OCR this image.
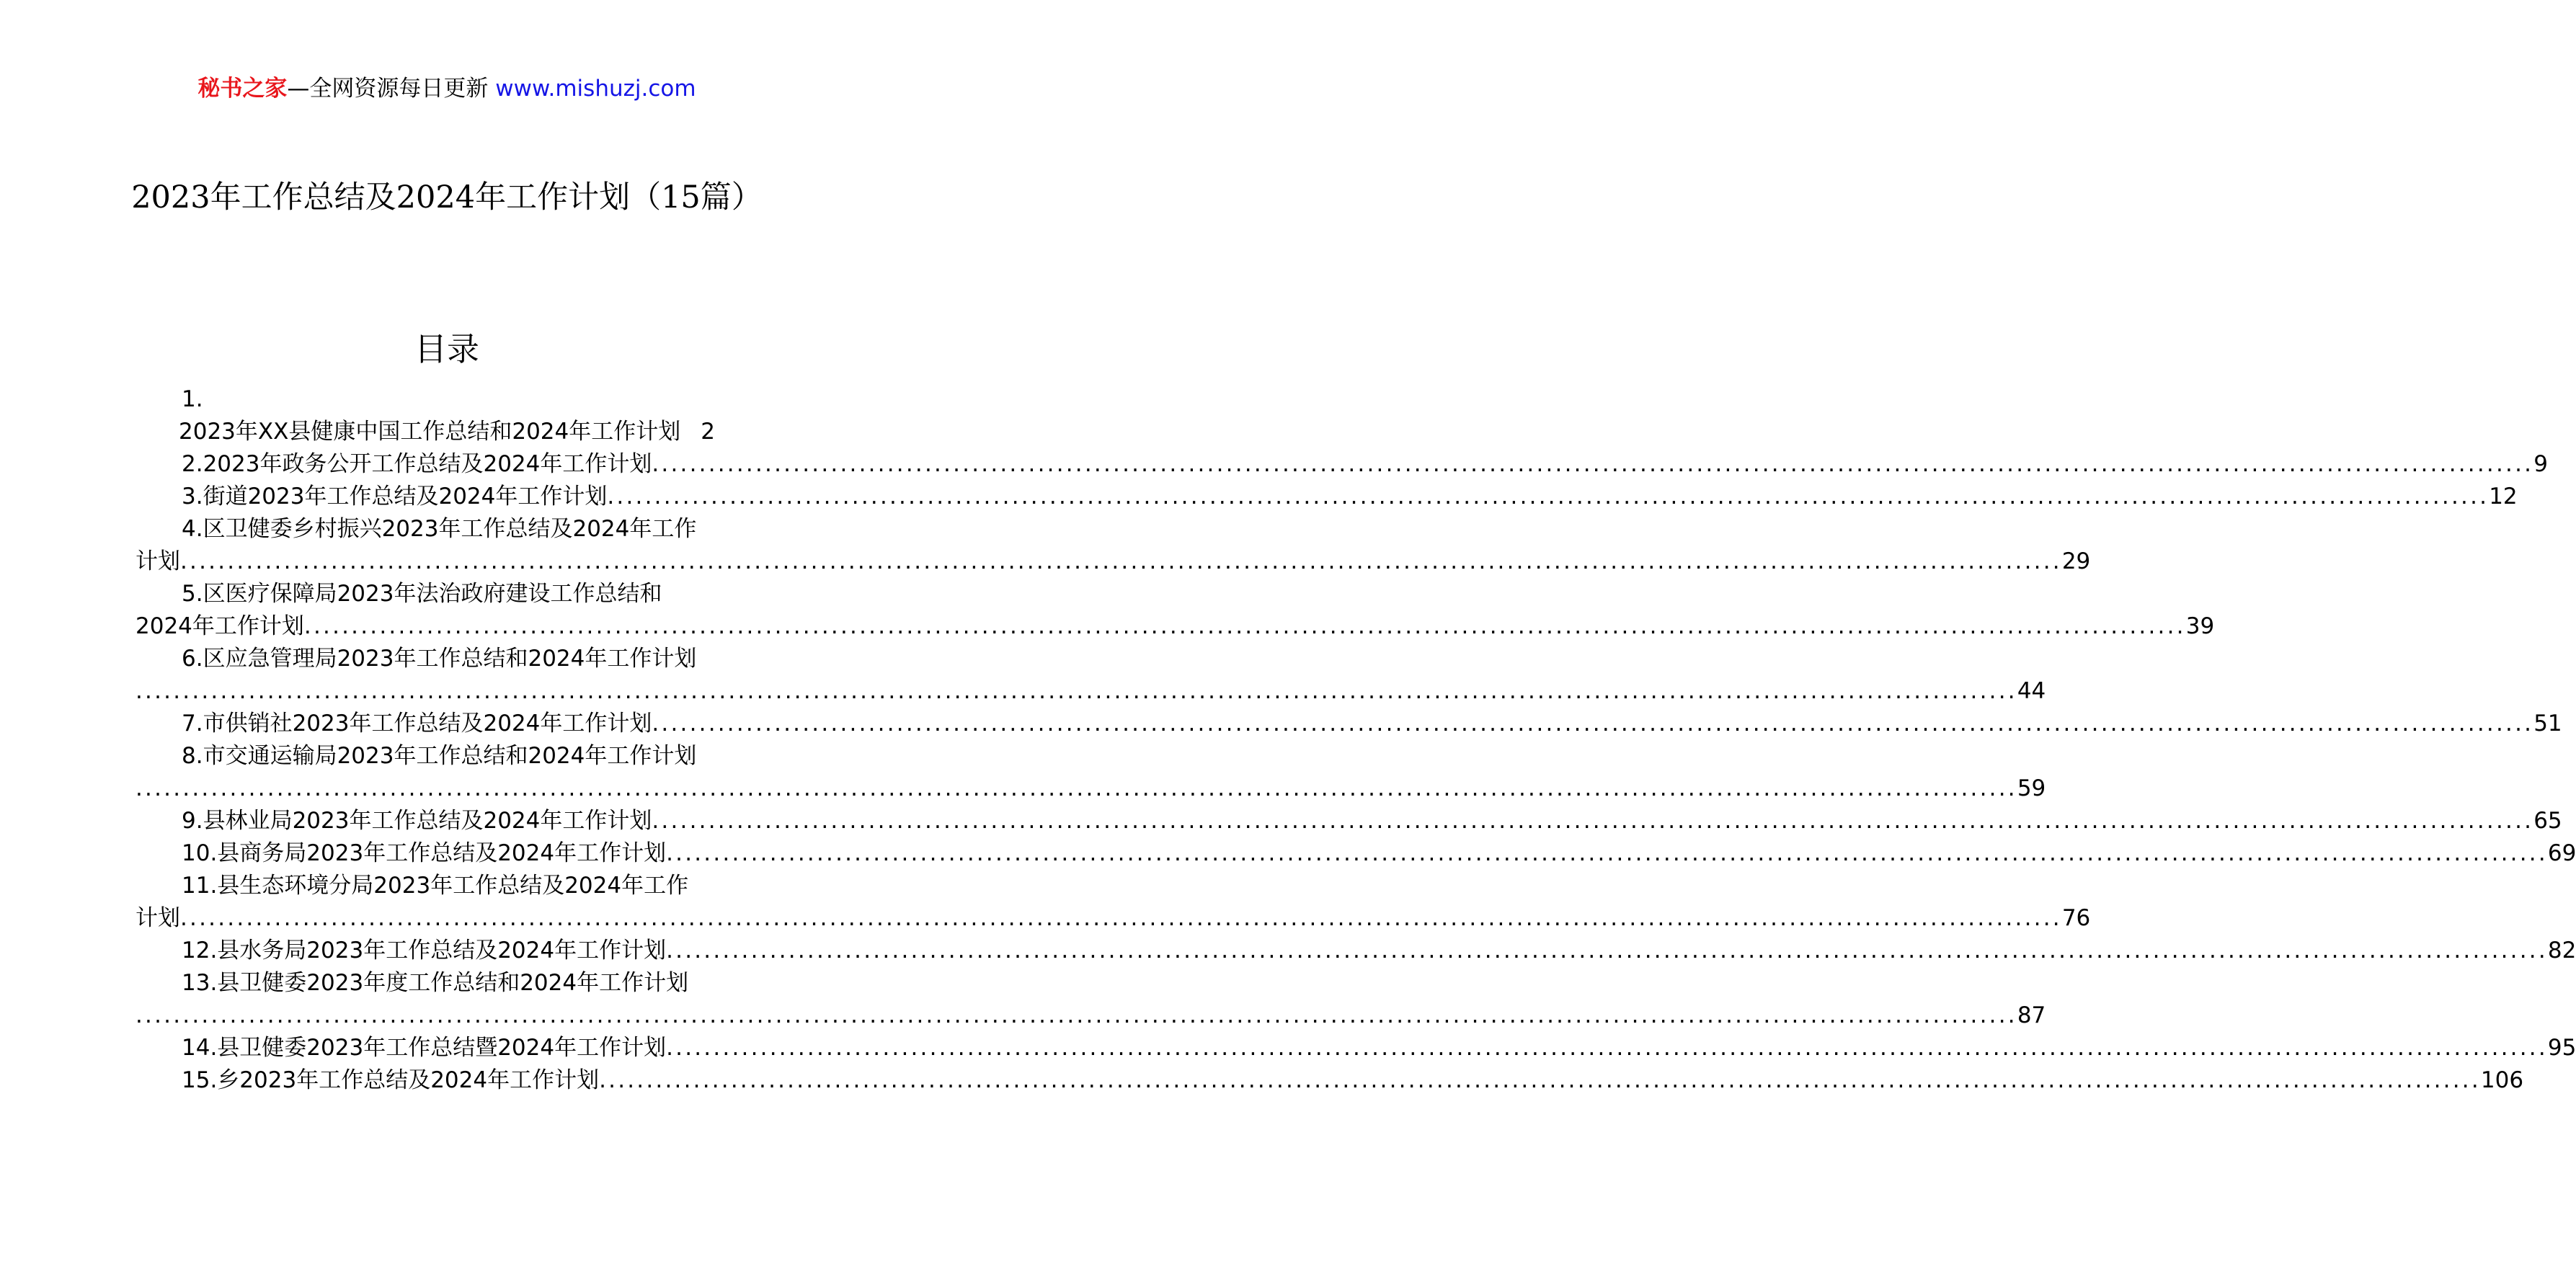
秘书之家—全网资源每日更新 www.mishuzj.com
2023年工作总结及2024年工作计划（15篇）
目录
1.
2023年XX县健康中国工作总结和2024年工作计划 2
2.2023年政务公开工作总结及2024年工作计划 ........................................................................................................................................................................................................ 9
3.街道2023年工作总结及2024年工作计划 ........................................................................................................................................................................................................ 12
4.区卫健委乡村振兴2023年工作总结及2024年工作
计划 ........................................................................................................................................................................................................ 29
5.区医疗保障局2023年法治政府建设工作总结和
2024年工作计划 ........................................................................................................................................................................................................ 39
6.区应急管理局2023年工作总结和2024年工作计划
........................................................................................................................................................................................................ 44
7.市供销社2023年工作总结及2024年工作计划 ........................................................................................................................................................................................................ 51
8.市交通运输局2023年工作总结和2024年工作计划
........................................................................................................................................................................................................ 59
9.县林业局2023年工作总结及2024年工作计划 ........................................................................................................................................................................................................ 65
10.县商务局2023年工作总结及2024年工作计划 ........................................................................................................................................................................................................ 69
11.县生态环境分局2023年工作总结及2024年工作
计划 ........................................................................................................................................................................................................ 76
12.县水务局2023年工作总结及2024年工作计划 ........................................................................................................................................................................................................ 82
13.县卫健委2023年度工作总结和2024年工作计划
........................................................................................................................................................................................................ 87
14.县卫健委2023年工作总结暨2024年工作计划 ........................................................................................................................................................................................................ 95
15.乡2023年工作总结及2024年工作计划 ........................................................................................................................................................................................................ 106
